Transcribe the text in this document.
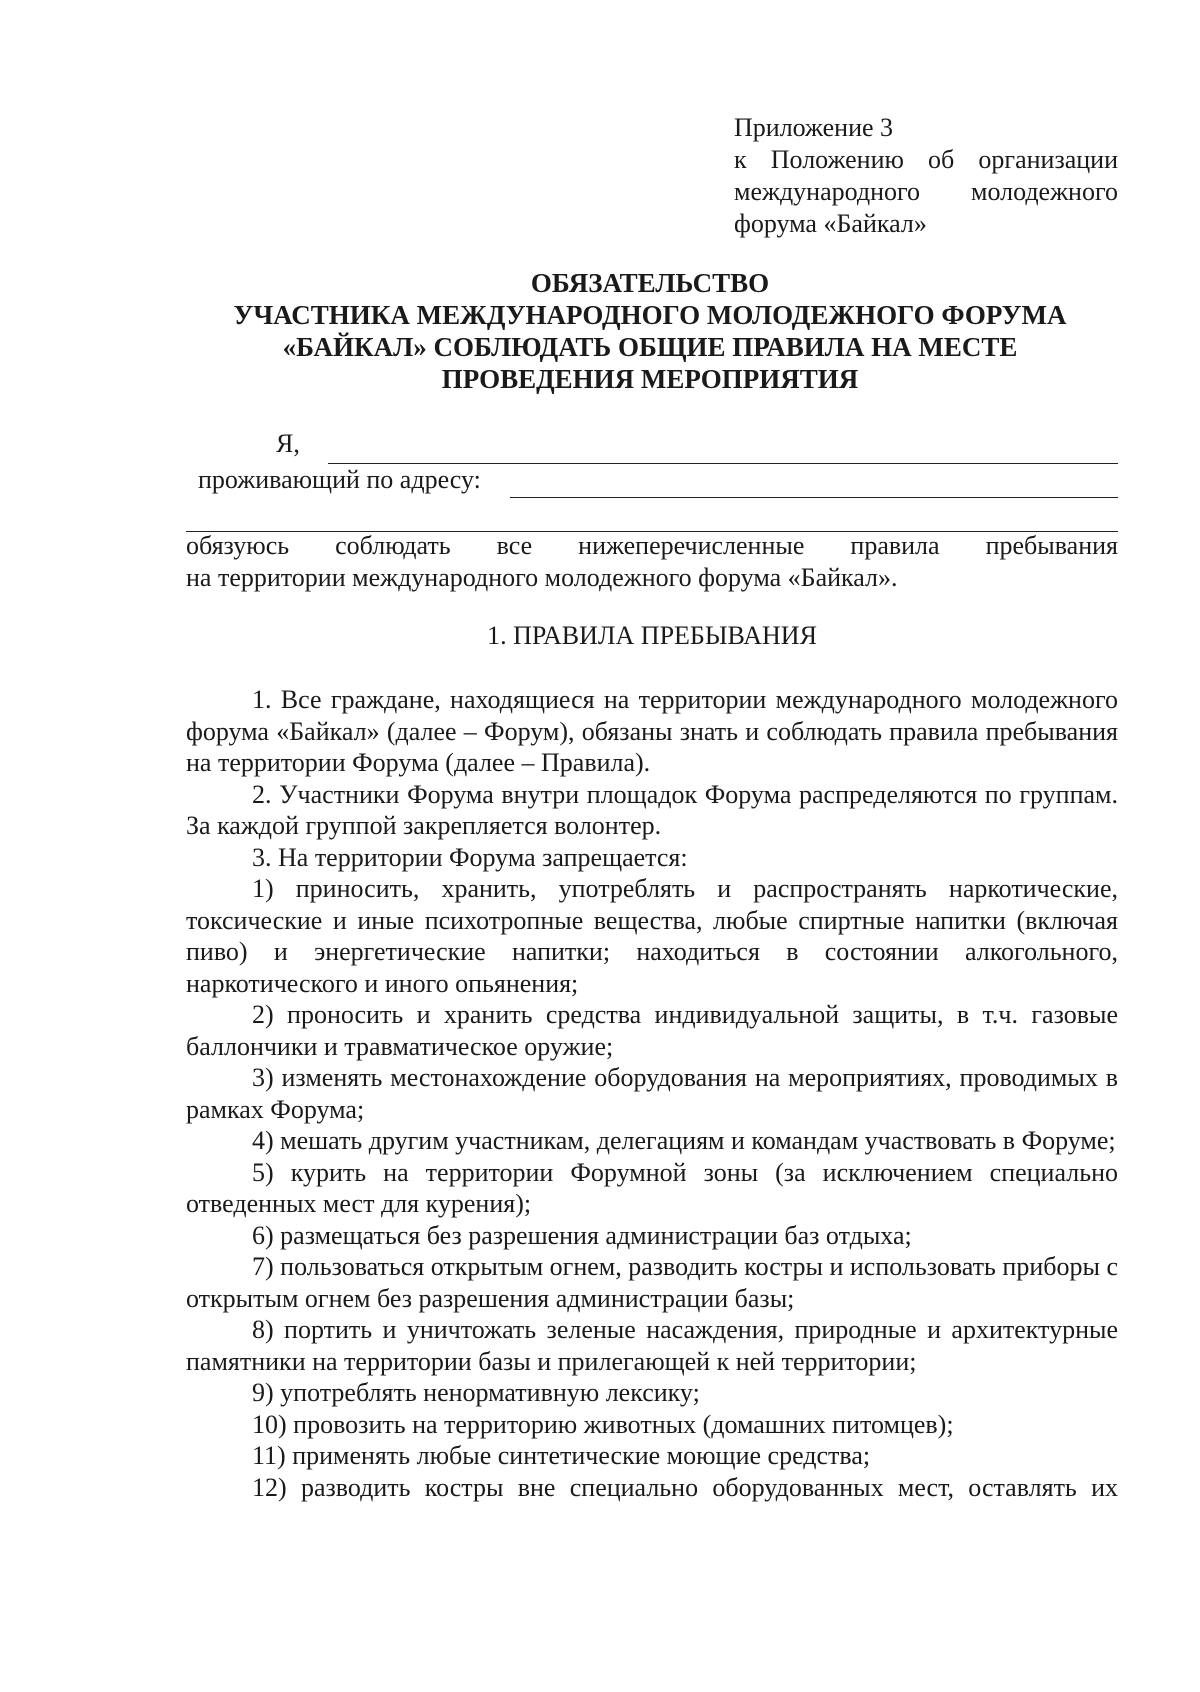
Приложение 3
к Положению об организации
международного молодежного
форума «Байкал»
ОБЯЗАТЕЛЬСТВО
УЧАСТНИКА МЕЖДУНАРОДНОГО МОЛОДЕЖНОГО ФОРУМА
«БАЙКАЛ» СОБЛЮДАТЬ ОБЩИЕ ПРАВИЛА НА МЕСТЕ
ПРОВЕДЕНИЯ МЕРОПРИЯТИЯ
Я,
проживающий по адресу:
обязуюсь соблюдать все нижеперечисленные правила пребывания
на территории международного молодежного форума «Байкал».
1. ПРАВИЛА ПРЕБЫВАНИЯ

1. Все граждане, находящиеся на территории международного молодежного форума «Байкал» (далее – Форум), обязаны знать и соблюдать правила пребывания на территории Форума (далее – Правила).

2. Участники Форума внутри площадок Форума распределяются по группам. За каждой группой закрепляется волонтер.

3. На территории Форума запрещается:

1) приносить, хранить, употреблять и распространять наркотические, токсические и иные психотропные вещества, любые спиртные напитки (включая пиво) и энергетические напитки; находиться в состоянии алкогольного, наркотического и иного опьянения;

2) проносить и хранить средства индивидуальной защиты, в т.ч. газовые баллончики и травматическое оружие;

3) изменять местонахождение оборудования на мероприятиях, проводимых в рамках Форума;

4) мешать другим участникам, делегациям и командам участвовать в Форуме;

5) курить на территории Форумной зоны (за исключением специально отведенных мест для курения);

6) размещаться без разрешения администрации баз отдыха;

7) пользоваться открытым огнем, разводить костры и использовать приборы с открытым огнем без разрешения администрации базы;

8) портить и уничтожать зеленые насаждения, природные и архитектурные памятники на территории базы и прилегающей к ней территории;

9) употреблять ненормативную лексику;

10) провозить на территорию животных (домашних питомцев);

11) применять любые синтетические моющие средства;

12) разводить костры вне специально оборудованных мест, оставлять их
